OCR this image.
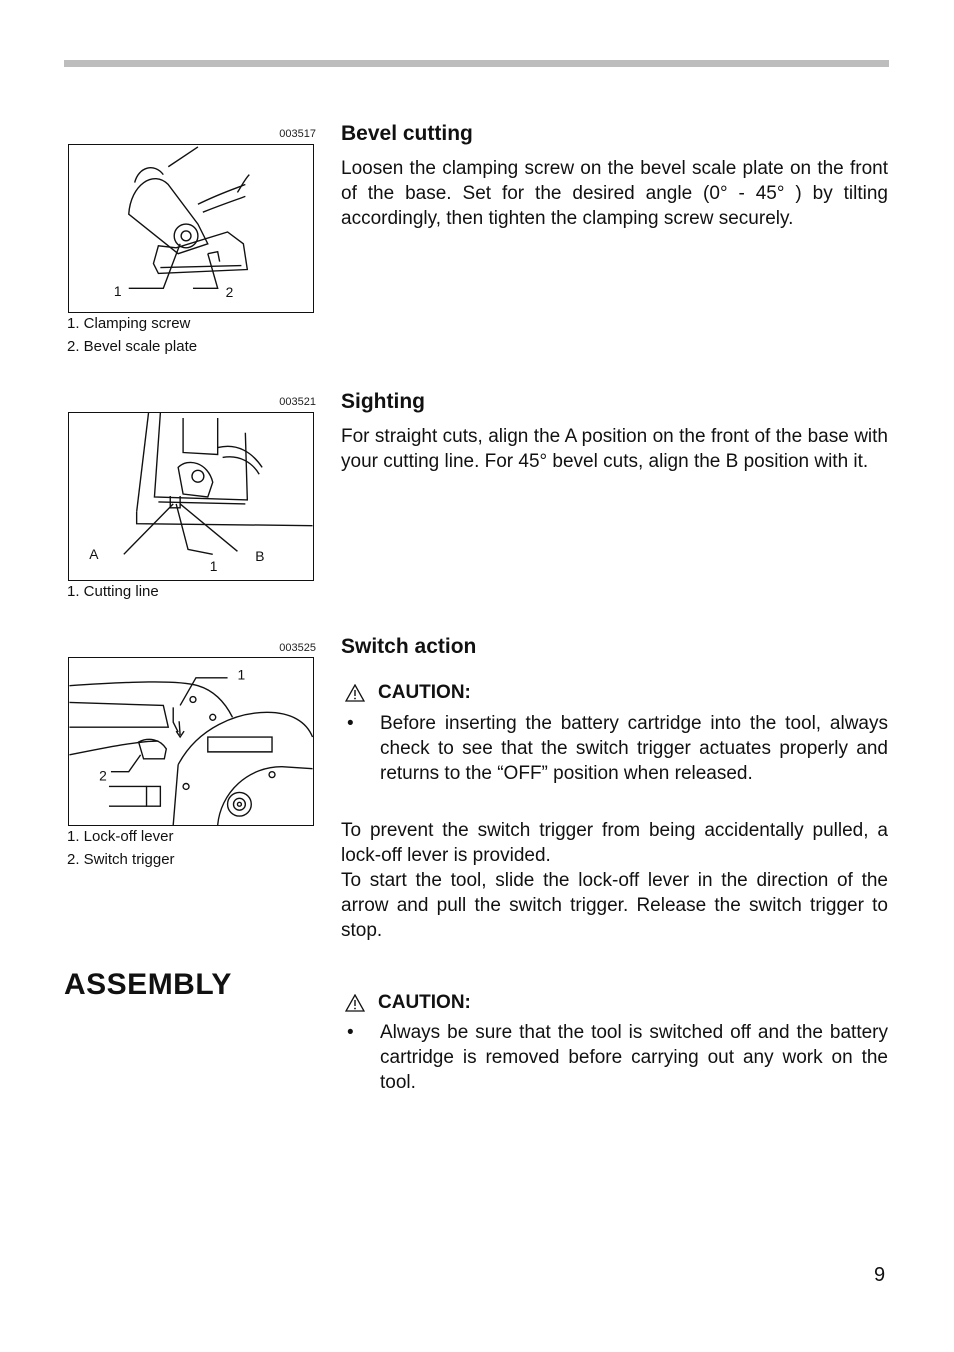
003517
1	2
1. Clamping screw
2. Bevel scale plate
Bevel cutting

Loosen the clamping screw on the bevel scale plate on the front of the base. Set for the desired angle (0° - 45° ) by tilting accordingly, then tighten the clamping screw securely.

003521
A
1
B
1. Cutting line
Sighting

For straight cuts, align the A position on the front of the base with your cutting line. For 45° bevel cuts, align the B position with it.

003525
1
2
1. Lock-off lever
2. Switch trigger
Switch action
CAUTION:
• Before inserting the battery cartridge into the tool, always check to see that the switch trigger actuates properly and returns to the “OFF” position when released.

To prevent the switch trigger from being accidentally pulled, a lock-off lever is provided.

To start the tool, slide the lock-off lever in the direction of the arrow and pull the switch trigger. Release the switch trigger to stop.

ASSEMBLY
CAUTION:
• Always be sure that the tool is switched off and the battery cartridge is removed before carrying out any work on the tool.
9
